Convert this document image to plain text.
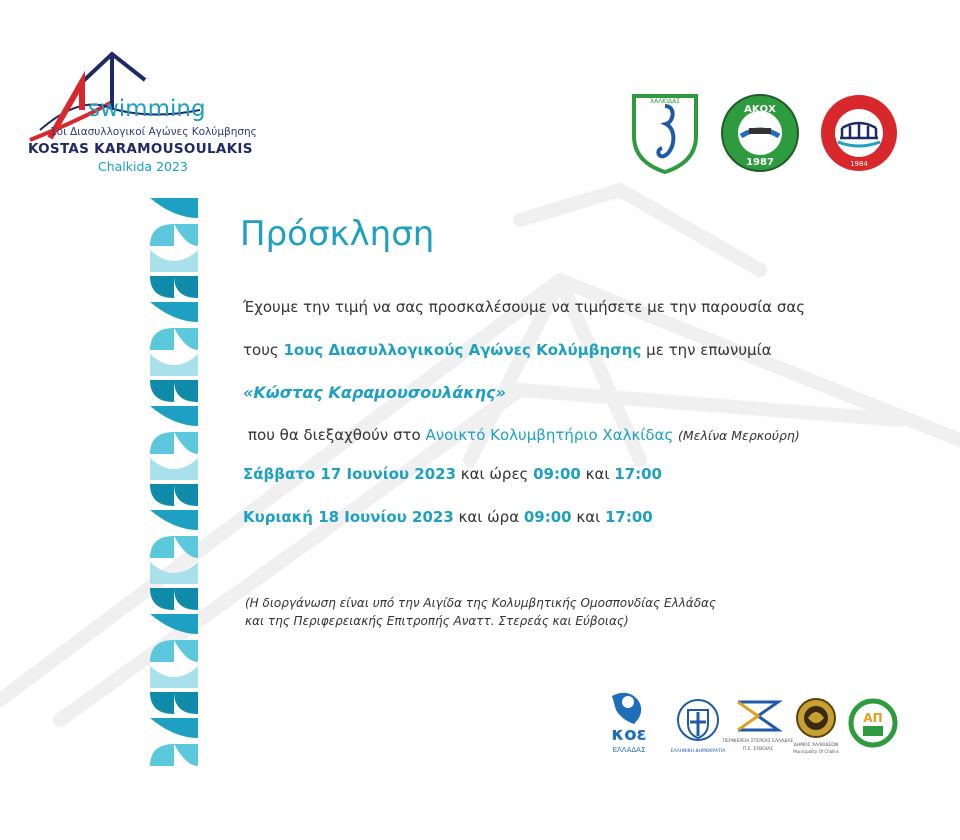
swimming
1οι Διασυλλογικοί Αγώνες Κολύμβησης
KOSTAS KARAMOUSOULAKIS
Chalkida 2023
ΧΑΛΚΙΔΑΣ
ΑΚΟΧ
1987	1984
Πρόσκληση
Έχουμε την τιμή να σας προσκαλέσουμε να τιμήσετε με την παρουσία σας
τους 1ους Διασυλλογικούς Αγώνες Κολύμβησης με την επωνυμία
«Κώστας Καραμουσουλάκης»
που θα διεξαχθούν στο Ανοικτό Κολυμβητήριο Χαλκίδας (Μελίνα Μερκούρη)
Σάββατο 17 Ιουνίου 2023 και ώρες 09:00 και 17:00
Κυριακή 18 Ιουνίου 2023 και ώρα 09:00 και 17:00
(Η διοργάνωση είναι υπό την Αιγίδα της Κολυμβητικής Ομοσπονδίας Ελλάδας
και της Περιφερειακής Επιτροπής Αναττ. Στερεάς και Εύβοιας)
κοε
ΕΛΛΑΔΑΣ	ΕΛΛΗΝΙΚΗ ΔΗΜΟΚΡΑΤΙΑ
ΠΕΡΙΦΕΡΕΙΑ ΣΤΕΡΕΑΣ ΕΛΛΑΔΑΣ
Π.Ε. ΕΥΒΟΙΑΣ
ΔΗΜΟΣ ΧΑΛΚΙΔΕΩΝ
Municipality Of Chalkis
ΑΠ
